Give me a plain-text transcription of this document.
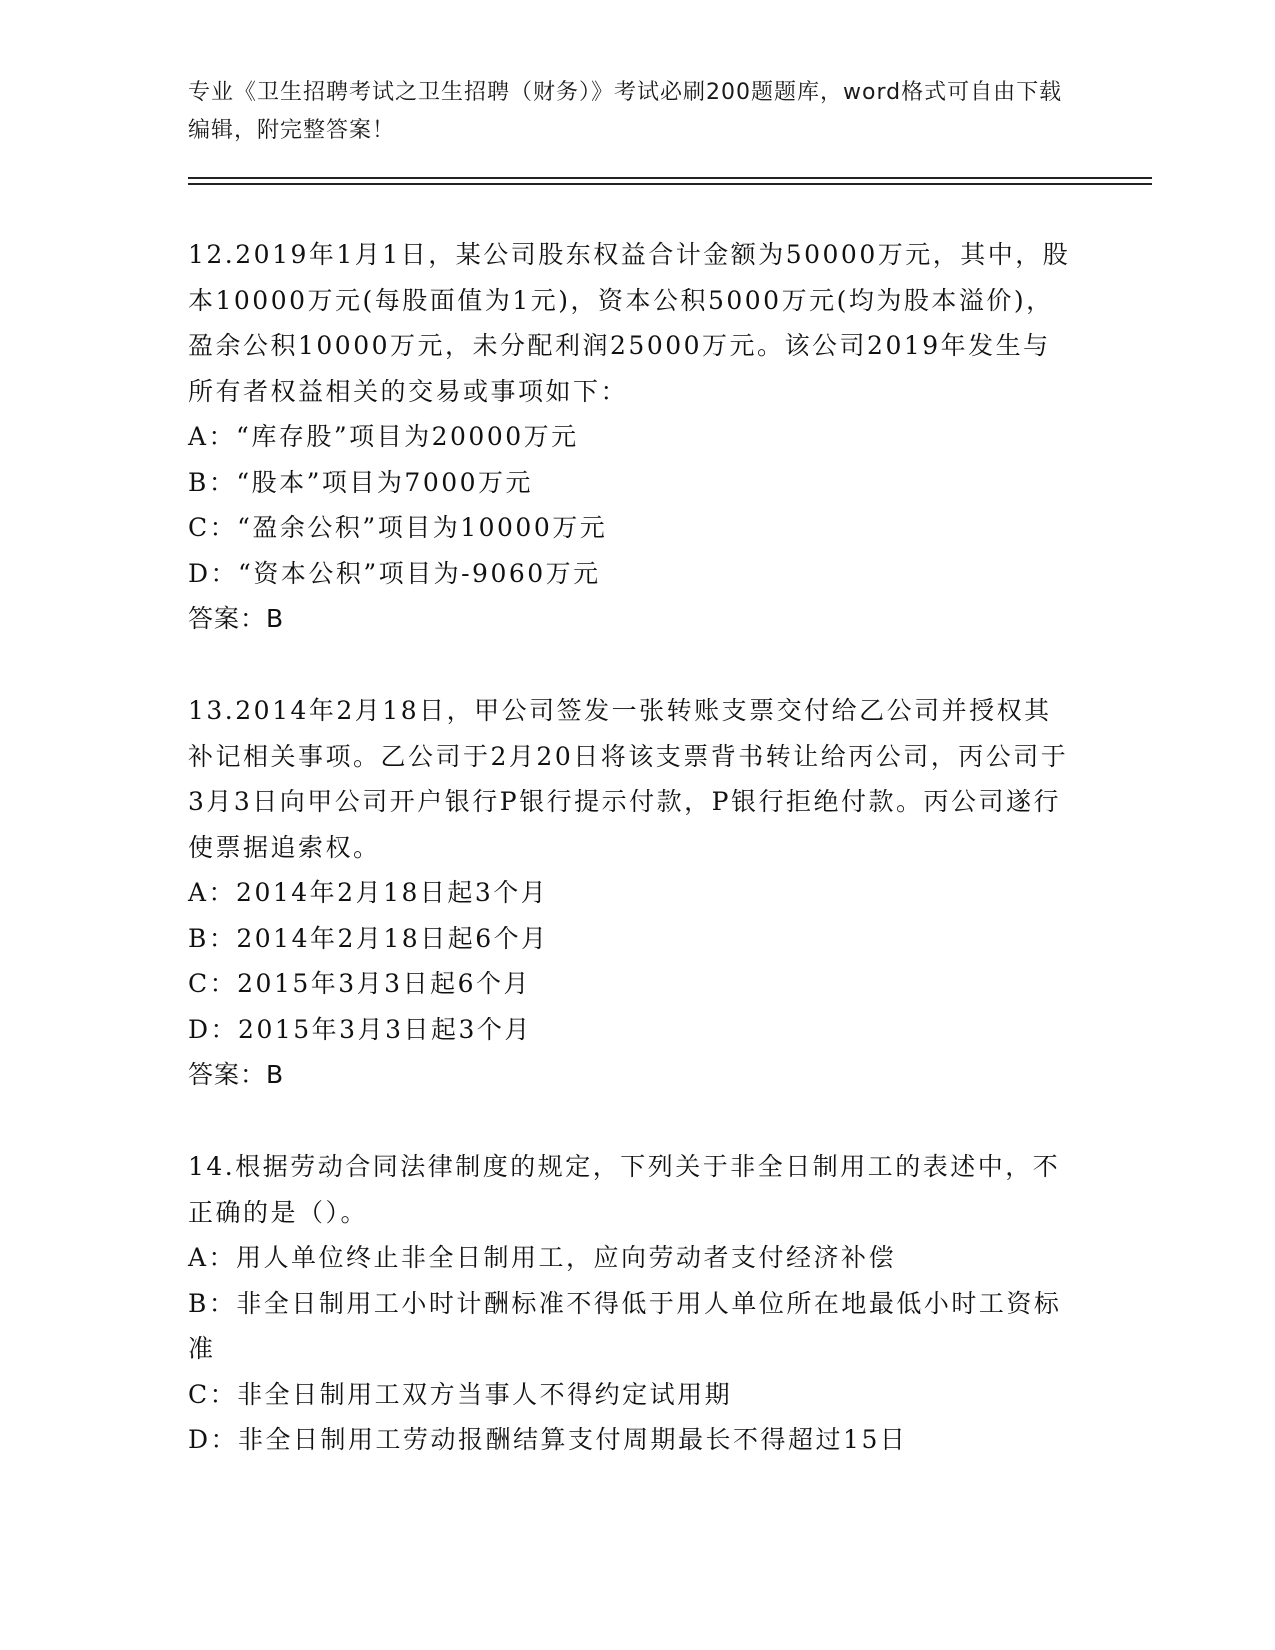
专业《卫生招聘考试之卫生招聘（财务）》考试必刷200题题库，word格式可自由下载编辑，附完整答案！

12.2019年1月1日，某公司股东权益合计金额为50000万元，其中，股本10000万元(每股面值为1元)，资本公积5000万元(均为股本溢价)，盈余公积10000万元，未分配利润25000万元。该公司2019年发生与所有者权益相关的交易或事项如下：

A：“库存股”项目为20000万元

B：“股本”项目为7000万元

C：“盈余公积”项目为10000万元

D：“资本公积”项目为-9060万元

答案：B

13.2014年2月18日，甲公司签发一张转账支票交付给乙公司并授权其补记相关事项。乙公司于2月20日将该支票背书转让给丙公司，丙公司于3月3日向甲公司开户银行P银行提示付款，P银行拒绝付款。丙公司遂行使票据追索权。

A：2014年2月18日起3个月

B：2014年2月18日起6个月

C：2015年3月3日起6个月

D：2015年3月3日起3个月

答案：B

14.根据劳动合同法律制度的规定，下列关于非全日制用工的表述中，不正确的是（）。

A：用人单位终止非全日制用工，应向劳动者支付经济补偿

B：非全日制用工小时计酬标准不得低于用人单位所在地最低小时工资标准

C：非全日制用工双方当事人不得约定试用期

D：非全日制用工劳动报酬结算支付周期最长不得超过15日
